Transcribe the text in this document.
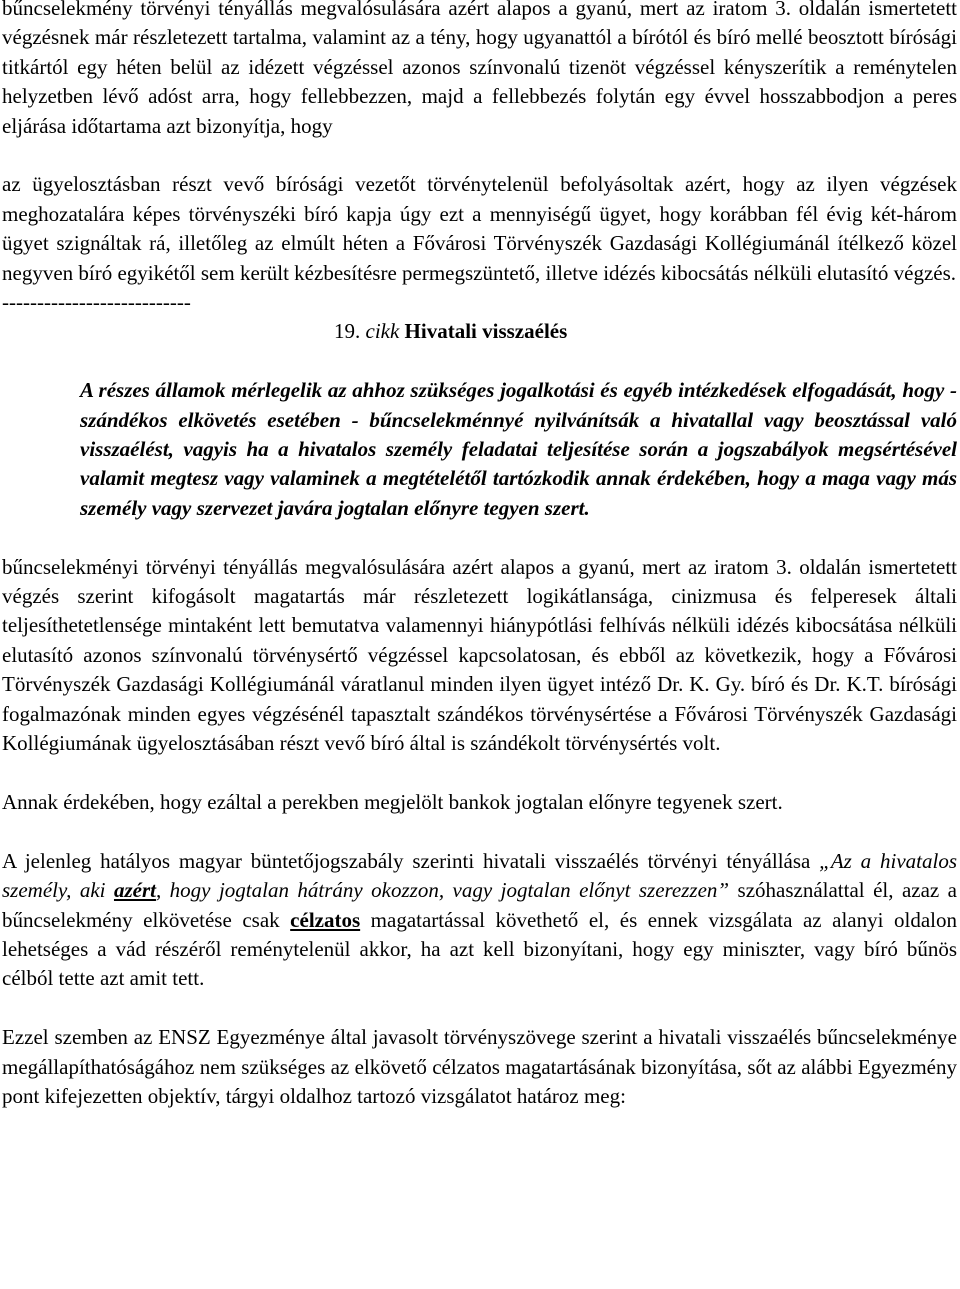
bűncselekmény törvényi tényállás megvalósulására azért alapos a gyanú, mert az iratom 3. oldalán ismertetett végzésnek már részletezett tartalma, valamint az a tény, hogy ugyanattól a bírótól és bíró mellé beosztott bírósági titkártól egy héten belül az idézett végzéssel azonos színvonalú tizenöt végzéssel kényszerítik a reménytelen helyzetben lévő adóst arra, hogy fellebbezzen, majd a fellebbezés folytán egy évvel hosszabbodjon a peres eljárása időtartama azt bizonyítja, hogy

az ügyelosztásban részt vevő bírósági vezetőt törvénytelenül befolyásoltak azért, hogy az ilyen végzések meghozatalára képes törvényszéki bíró kapja úgy ezt a mennyiségű ügyet, hogy korábban fél évig két-három ügyet szignáltak rá, illetőleg az elmúlt héten a Fővárosi Törvényszék Gazdasági Kollégiumánál ítélkező közel negyven bíró egyikétől sem került kézbesítésre permegszüntető, illetve idézés kibocsátás nélküli elutasító végzés.

---------------------------
19. cikk Hivatali visszaélés

A részes államok mérlegelik az ahhoz szükséges jogalkotási és egyéb intézkedések elfogadását, hogy - szándékos elkövetés esetében - bűncselekménnyé nyilvánítsák a hivatallal vagy beosztással való visszaélést, vagyis ha a hivatalos személy feladatai teljesítése során a jogszabályok megsértésével valamit megtesz vagy valaminek a megtételétől tartózkodik annak érdekében, hogy a maga vagy más személy vagy szervezet javára jogtalan előnyre tegyen szert.

bűncselekményi törvényi tényállás megvalósulására azért alapos a gyanú, mert az iratom 3. oldalán ismertetett végzés szerint kifogásolt magatartás már részletezett logikátlansága, cinizmusa és felperesek általi teljesíthetetlensége mintaként lett bemutatva valamennyi hiánypótlási felhívás nélküli idézés kibocsátása nélküli elutasító azonos színvonalú törvénysértő végzéssel kapcsolatosan, és ebből az következik, hogy a Fővárosi Törvényszék Gazdasági Kollégiumánál váratlanul minden ilyen ügyet intéző Dr. K. Gy. bíró és Dr. K.T. bírósági fogalmazónak minden egyes végzésénél tapasztalt szándékos törvénysértése a Fővárosi Törvényszék Gazdasági Kollégiumának ügyelosztásában részt vevő bíró által is szándékolt törvénysértés volt.

Annak érdekében, hogy ezáltal a perekben megjelölt bankok jogtalan előnyre tegyenek szert.

A jelenleg hatályos magyar büntetőjogszabály szerinti hivatali visszaélés törvényi tényállása „Az a hivatalos személy, aki azért, hogy jogtalan hátrány okozzon, vagy jogtalan előnyt szerezzen” szóhasználattal él, azaz a bűncselekmény elkövetése csak célzatos magatartással követhető el, és ennek vizsgálata az alanyi oldalon lehetséges a vád részéről reménytelenül akkor, ha azt kell bizonyítani, hogy egy miniszter, vagy bíró bűnös célból tette azt amit tett.

Ezzel szemben az ENSZ Egyezménye által javasolt törvényszövege szerint a hivatali visszaélés bűncselekménye megállapíthatóságához nem szükséges az elkövető célzatos magatartásának bizonyítása, sőt az alábbi Egyezmény pont kifejezetten objektív, tárgyi oldalhoz tartozó vizsgálatot határoz meg:
